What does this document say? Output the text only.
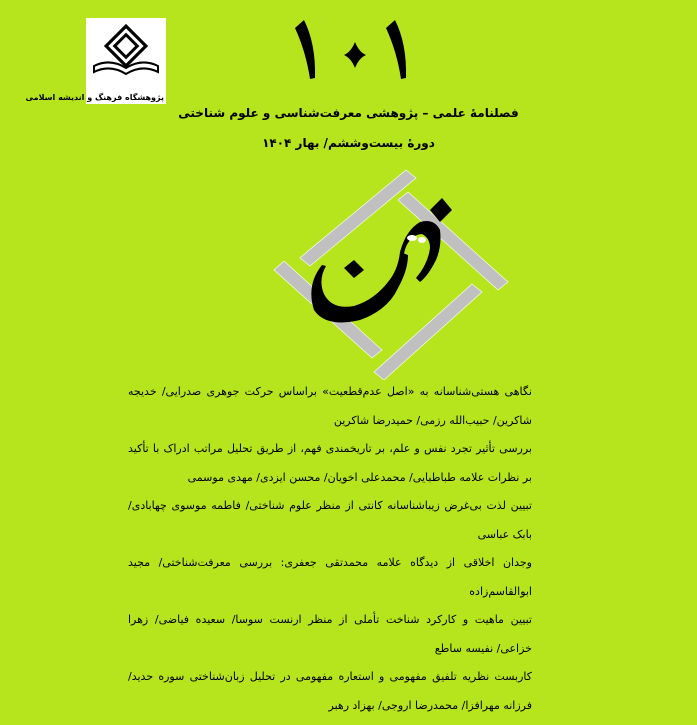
پژوهشگاه فرهنگ و اندیشه اسلامی
فصلنامهٔ علمی – پژوهشی معرفت‌شناسی و علوم شناختی
دورهٔ بیست‌وششم/ بهار ۱۴۰۴

نگاهی هستی‌شناسانه به «اصل عدم‌قطعیت» براساس حرکت جوهری صدرایی/ خدیجه شاکرین/ حبیب‌الله رزمی/ حمیدرضا شاکرین

بررسی تأثیر تجرد نفس و علم، بر تاریخمندی فهم، از طریق تحلیل مراتب ادراک با تأکید بر نظرات علامه طباطبایی/ محمدعلی اخویان/ محسن ایزدی/ مهدی موسمی

تبیین لذت بی‌غرض زیباشناسانه کانتی از منظر علوم شناختی/ فاطمه موسوی چهابادی/ بابک عباسی

وجدان اخلاقی از دیدگاه علامه محمدتقی جعفری: بررسی معرفت‌شناختی/ مجید ابوالقاسم‌زاده

تبیین ماهیت و کارکرد شناخت تأملی از منظر ارنست سوسا/ سعیده فیاضی/ زهرا خزاعی/ نفیسه ساطع

کاربست نظریه تلفیق مفهومی و استعاره مفهومی در تحلیل زبان‌شناختی سوره حدید/ فرزانه مهرافزا/ محمدرضا اروجی/ بهزاد رهبر
